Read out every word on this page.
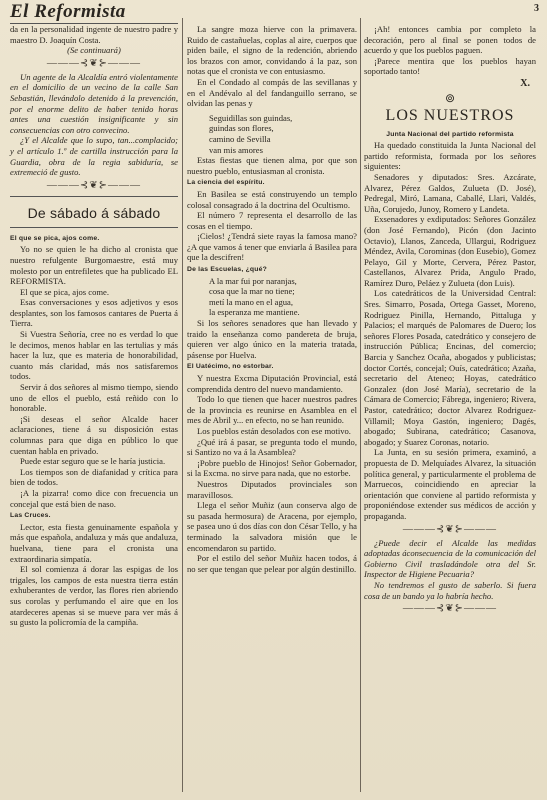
3
El Reformista

da en la personalidad ingente de nuestro padre y maestro D. Joaquín Costa.

(Se continuará)

———⊰❦⊱———

Un agente de la Alcaldía entró violentamente en el domicilio de un vecino de la calle San Sebastián, llevándolo detenido á la prevención, por el enorme delito de haber tenido horas antes una cuestión insignificante y sin consecuencias con otro convecino.

¿Y el Alcalde que lo supo, tan...complacido; y el artículo 1.º de cartilla instrucción para la Guardia, obra de la regia sabiduría, se extremeció de gusto.

———⊰❦⊱———
De sábado á sábado
El que se pica, ajos come.

Yo no se quien le ha dicho al cronista que nuestro refulgente Burgomaestre, está muy molesto por un entrefiletes que ha publicado EL REFORMISTA.

El que se pica, ajos come.

Esas conversaciones y esos adjetivos y esos desplantes, son los famosos cantares de Puerta á Tierra.

Si Vuestra Señoría, cree no es verdad lo que le decimos, menos hablar en las tertulias y más hacer la luz, que es materia de honorabilidad, cuanto más claridad, más nos satisfaremos todos.

Servir á dos señores al mismo tiempo, siendo uno de ellos el pueblo, está reñido con lo honorable.

¡Si deseas el señor Alcalde hacer aclaraciones, tiene á su disposición estas columnas para que diga en público lo que cuentan habla en privado.

Puede estar seguro que se le haría justicia.

Los tiempos son de diafanidad y crítica para bien de todos.

¡A la pizarra! como dice con frecuencia un concejal que está bien de naso.

Las Cruces.

Lector, esta fiesta genuinamente española y más que española, andaluza y más que andaluza, huelvana, tiene para el cronista una extraordinaria simpatía.

El sol comienza á dorar las espigas de los trigales, los campos de esta nuestra tierra están exhuberantes de verdor, las flores rien abriendo sus corolas y perfumando el aire que en los atardeceres apenas si se mueve para ver más á su gusto la policromía de la campiña.

La sangre moza hierve con la primavera. Ruido de castañuelas, coplas al aire, cuerpos que piden baile, el signo de la redención, abriendo los brazos con amor, convidando á la paz, son notas que el cronista ve con entusiasmo.

En el Condado al compás de las sevillanas y en el Andévalo al del fandanguillo serrano, se olvidan las penas y

Seguidillas son guindas,

guindas son flores,

camino de Sevilla

van mis amores

Estas fiestas que tienen alma, por que son nuestro pueblo, entusiasman al cronista.

La ciencia del espíritu.

En Basilea se está construyendo un templo colosal consagrado á la doctrina del Ocultismo.

El número 7 representa el desarrollo de las cosas en el tiempo.

¡Cielos! ¿Tendrá siete rayas la famosa mano? ¿A que vamos á tener que enviarla á Basilea para que la descifren!

De las Escuelas, ¿qué?

A la mar fui por naranjas,

cosa que la mar no tiene;

metí la mano en el agua,

la esperanza me mantiene.

Si los señores senadores que han llevado y traido la enseñanza como pandereta de bruja, quieren ver algo único en la materia tratada, pásense por Huelva.

El Uatécimo, no estorbar.

Y nuestra Excma Diputación Provincial, está comprendida dentro del nuevo mandamiento.

Todo lo que tienen que hacer nuestros padres de la provincia es reunirse en Asamblea en el mes de Abril y... en efecto, no se han reunido.

Los pueblos están desolados con ese motivo.

¿Qué irá á pasar, se pregunta todo el mundo, si Santizo no va á la Asamblea?

¡Pobre pueblo de Hinojos! Señor Gobernador, si la Excma. no sirve para nada, que no estorbe.

Nuestros Diputados provinciales son maravillosos.

Llega el señor Muñiz (aun conserva algo de su pasada hermosura) de Aracena, por ejemplo, se pasea uno ú dos días con don César Tello, y ha terminado la salvadora misión que le encomendaron su partido.

Por el estilo del señor Muñiz hacen todos, á no ser que tengan que pelear por algún destinillo.

¡Ah! entonces cambia por completo la decoración, pero al final se ponen todos de acuerdo y que los pueblos paguen.

¡Parece mentira que los pueblos hayan soportado tanto!

X.
⊚
LOS NUESTROS
Junta Nacional del partido reformista

Ha quedado constituida la Junta Nacional del partido reformista, formada por los señores siguientes:

Senadores y diputados: Sres. Azcárate, Alvarez, Pérez Galdos, Zulueta (D. José), Pedregal, Miró, Lamana, Caballé, Llari, Valdés, Uña, Corujedo, Junoy, Romero y Landeta.

Exsenadores y exdiputados: Señores González (don José Fernando), Picón (don Jacinto Octavio), Llanos, Zanceda, Ullargui, Rodriguez Méndez, Avila, Corominas (don Eusebio), Gomez Pelayo, Gil y Morte, Cervera, Pérez Pastor, Castellanos, Alvarez Prida, Angulo Prado, Ramírez Duro, Peláez y Zulueta (don Luis).

Los catedráticos de la Universidad Central: Sres. Simarro, Posada, Ortega Gasset, Moreno, Rodriguez Pinilla, Hernando, Pittaluga y Palacios; el marqués de Palomares de Duero; los señores Flores Posada, catedrático y consejero de instrucción Pública; Encinas, del comercio; Barcia y Sanchez Ocaña, abogados y publicistas; doctor Cortés, concejal; Ouís, catedrático; Azaña, secretario del Ateneo; Hoyas, catedrático Gonzalez (don José María), secretario de la Cámara de Comercio; Fábrega, ingeniero; Rivera, Pastor, catedrático; doctor Alvarez Rodriguez-Villamil; Moya Gastón, ingeniero; Dagés, abogado; Subirana, catedrático; Casanova, abogado; y Suarez Coronas, notario.

La Junta, en su sesión primera, examinó, a propuesta de D. Melquíades Alvarez, la situación política general, y particularmente el problema de Marruecos, coincidiendo en apreciar la orientación que conviene al partido reformista y proponiéndose extender sus médicos de acción y propaganda.

———⊰❦⊱———

¿Puede decir el Alcalde las medidas adoptadas áconsecuencia de la comunicación del Gobierno Civil trasladándole otra del Sr. Inspector de Higiene Pecuaria?

No tendremos el gusto de saberlo. Si fuera cosa de un bando ya lo habría hecho.

———⊰❦⊱———
